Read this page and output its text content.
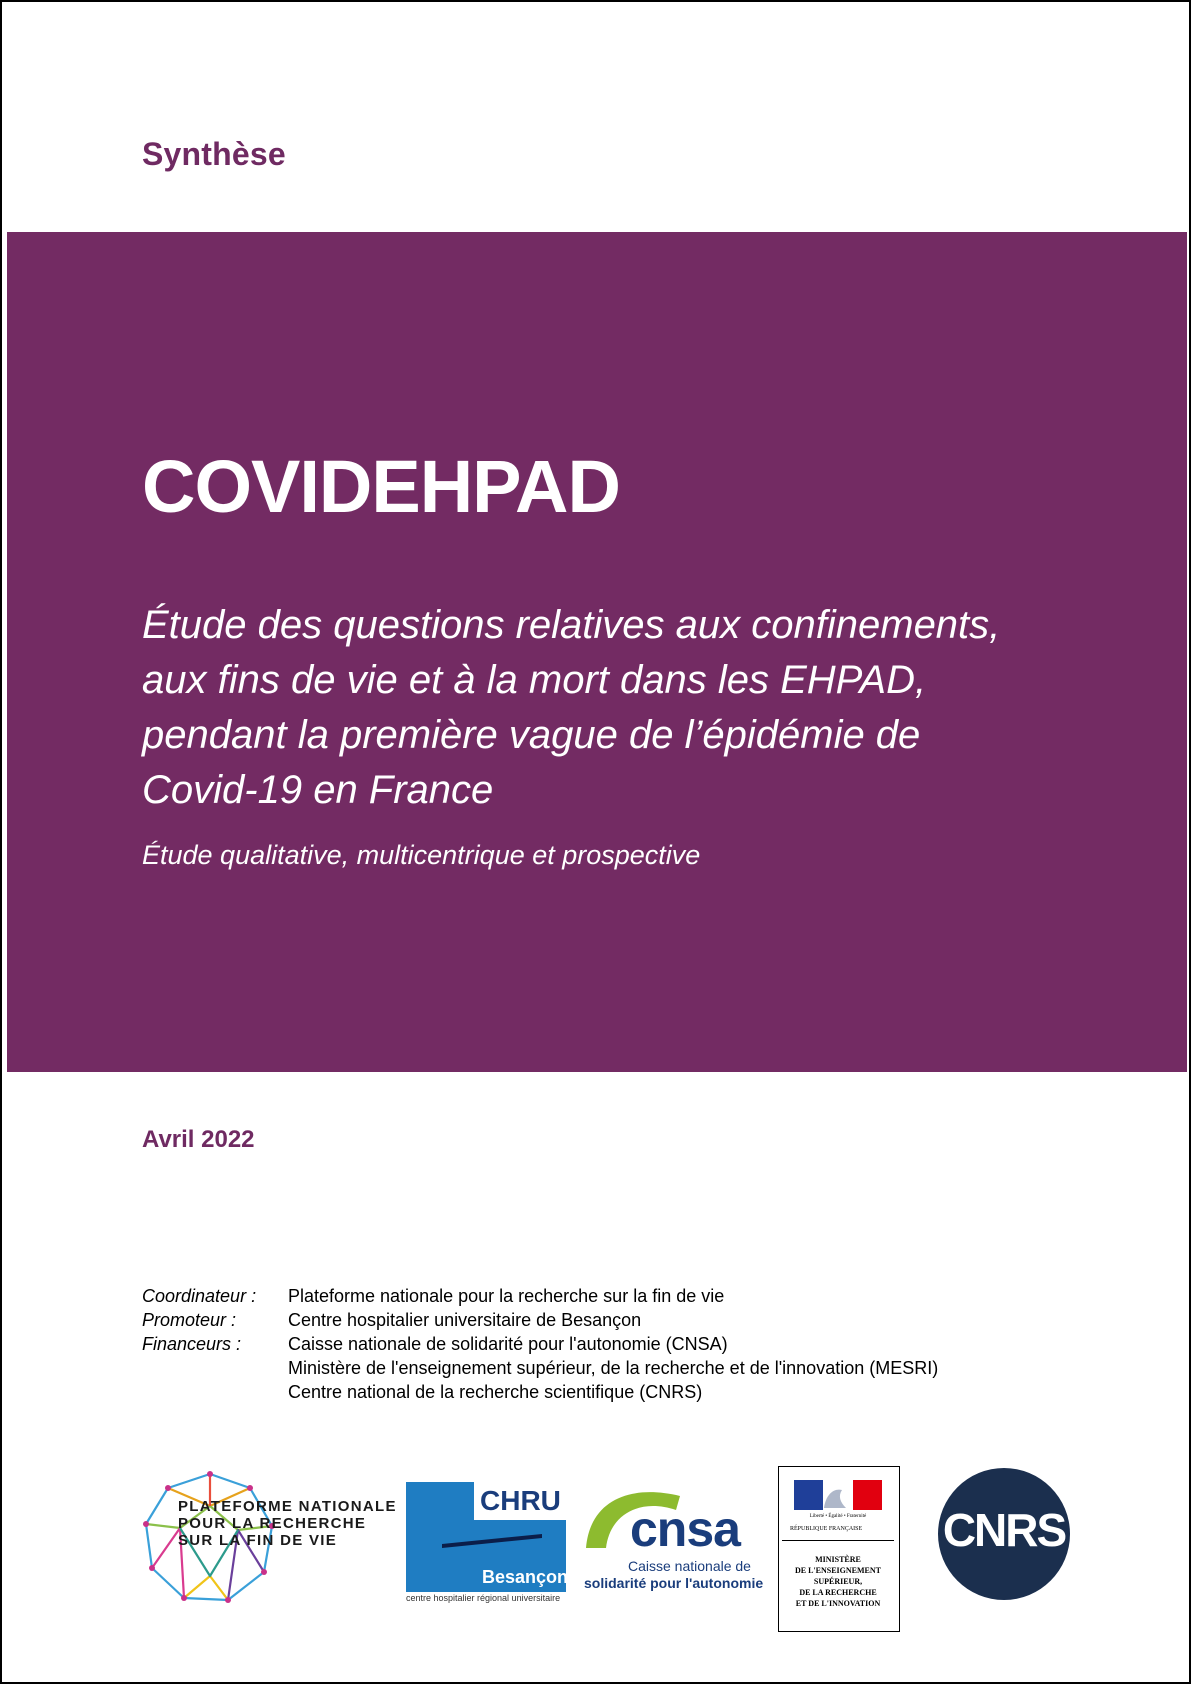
Synthèse
COVIDEHPAD
Étude des questions relatives aux confinements,
aux fins de vie et à la mort dans les EHPAD,
pendant la première vague de l’épidémie de
Covid-19 en France
Étude qualitative, multicentrique et prospective
Avril 2022
Coordinateur :	Plateforme nationale pour la recherche sur la fin de vie
Promoteur :	Centre hospitalier universitaire de Besançon
Financeurs :	Caisse nationale de solidarité pour l'autonomie (CNSA)
Ministère de l'enseignement supérieur, de la recherche et de l'innovation (MESRI)
Centre national de la recherche scientifique (CNRS)
PLATEFORME NATIONALE
POUR LA RECHERCHE
SUR LA FIN DE VIE
CHRU
Besançon
centre hospitalier régional universitaire
cnsa
Caisse nationale de
solidarité pour l'autonomie
Liberté • Égalité • Fraternité
RÉPUBLIQUE FRANÇAISE
MINISTÈRE
DE L'ENSEIGNEMENT
SUPÉRIEUR,
DE LA RECHERCHE
ET DE L'INNOVATION
CNRS
